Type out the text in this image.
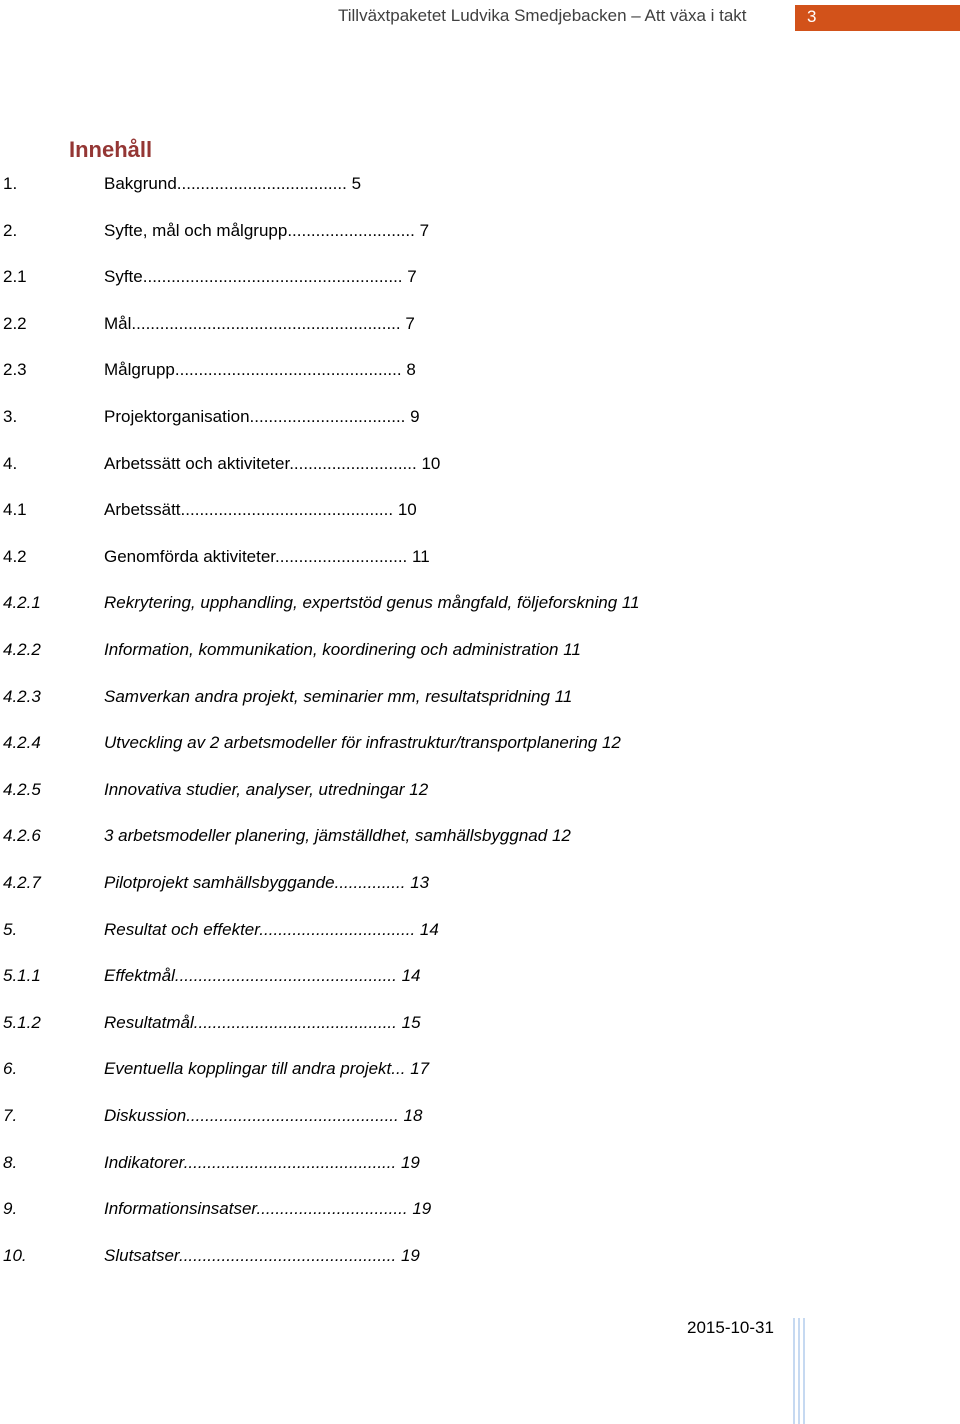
Tillväxtpaketet Ludvika Smedjebacken – Att växa i takt	3
Innehåll
1.	Bakgrund.................................... 5
2.	Syfte, mål och målgrupp........................... 7
2.1	Syfte....................................................... 7
2.2	Mål......................................................... 7
2.3	Målgrupp................................................ 8
3.	Projektorganisation................................. 9
4.	Arbetssätt och aktiviteter........................... 10
4.1	Arbetssätt............................................. 10
4.2	Genomförda aktiviteter............................ 11
4.2.1	Rekrytering, upphandling, expertstöd genus mångfald, följeforskning 11
4.2.2	Information, kommunikation, koordinering och administration 11
4.2.3	Samverkan andra projekt, seminarier mm, resultatspridning 11
4.2.4	Utveckling av 2 arbetsmodeller för infrastruktur/transportplanering 12
4.2.5	Innovativa studier, analyser, utredningar 12
4.2.6	3 arbetsmodeller planering, jämställdhet, samhällsbyggnad 12
4.2.7	Pilotprojekt samhällsbyggande............... 13
5.	Resultat och effekter................................. 14
5.1.1	Effektmål............................................... 14
5.1.2	Resultatmål........................................... 15
6.	Eventuella kopplingar till andra projekt... 17
7.	Diskussion............................................. 18
8.	Indikatorer............................................. 19
9.	Informationsinsatser................................ 19
10.	Slutsatser.............................................. 19
2015-10-31
